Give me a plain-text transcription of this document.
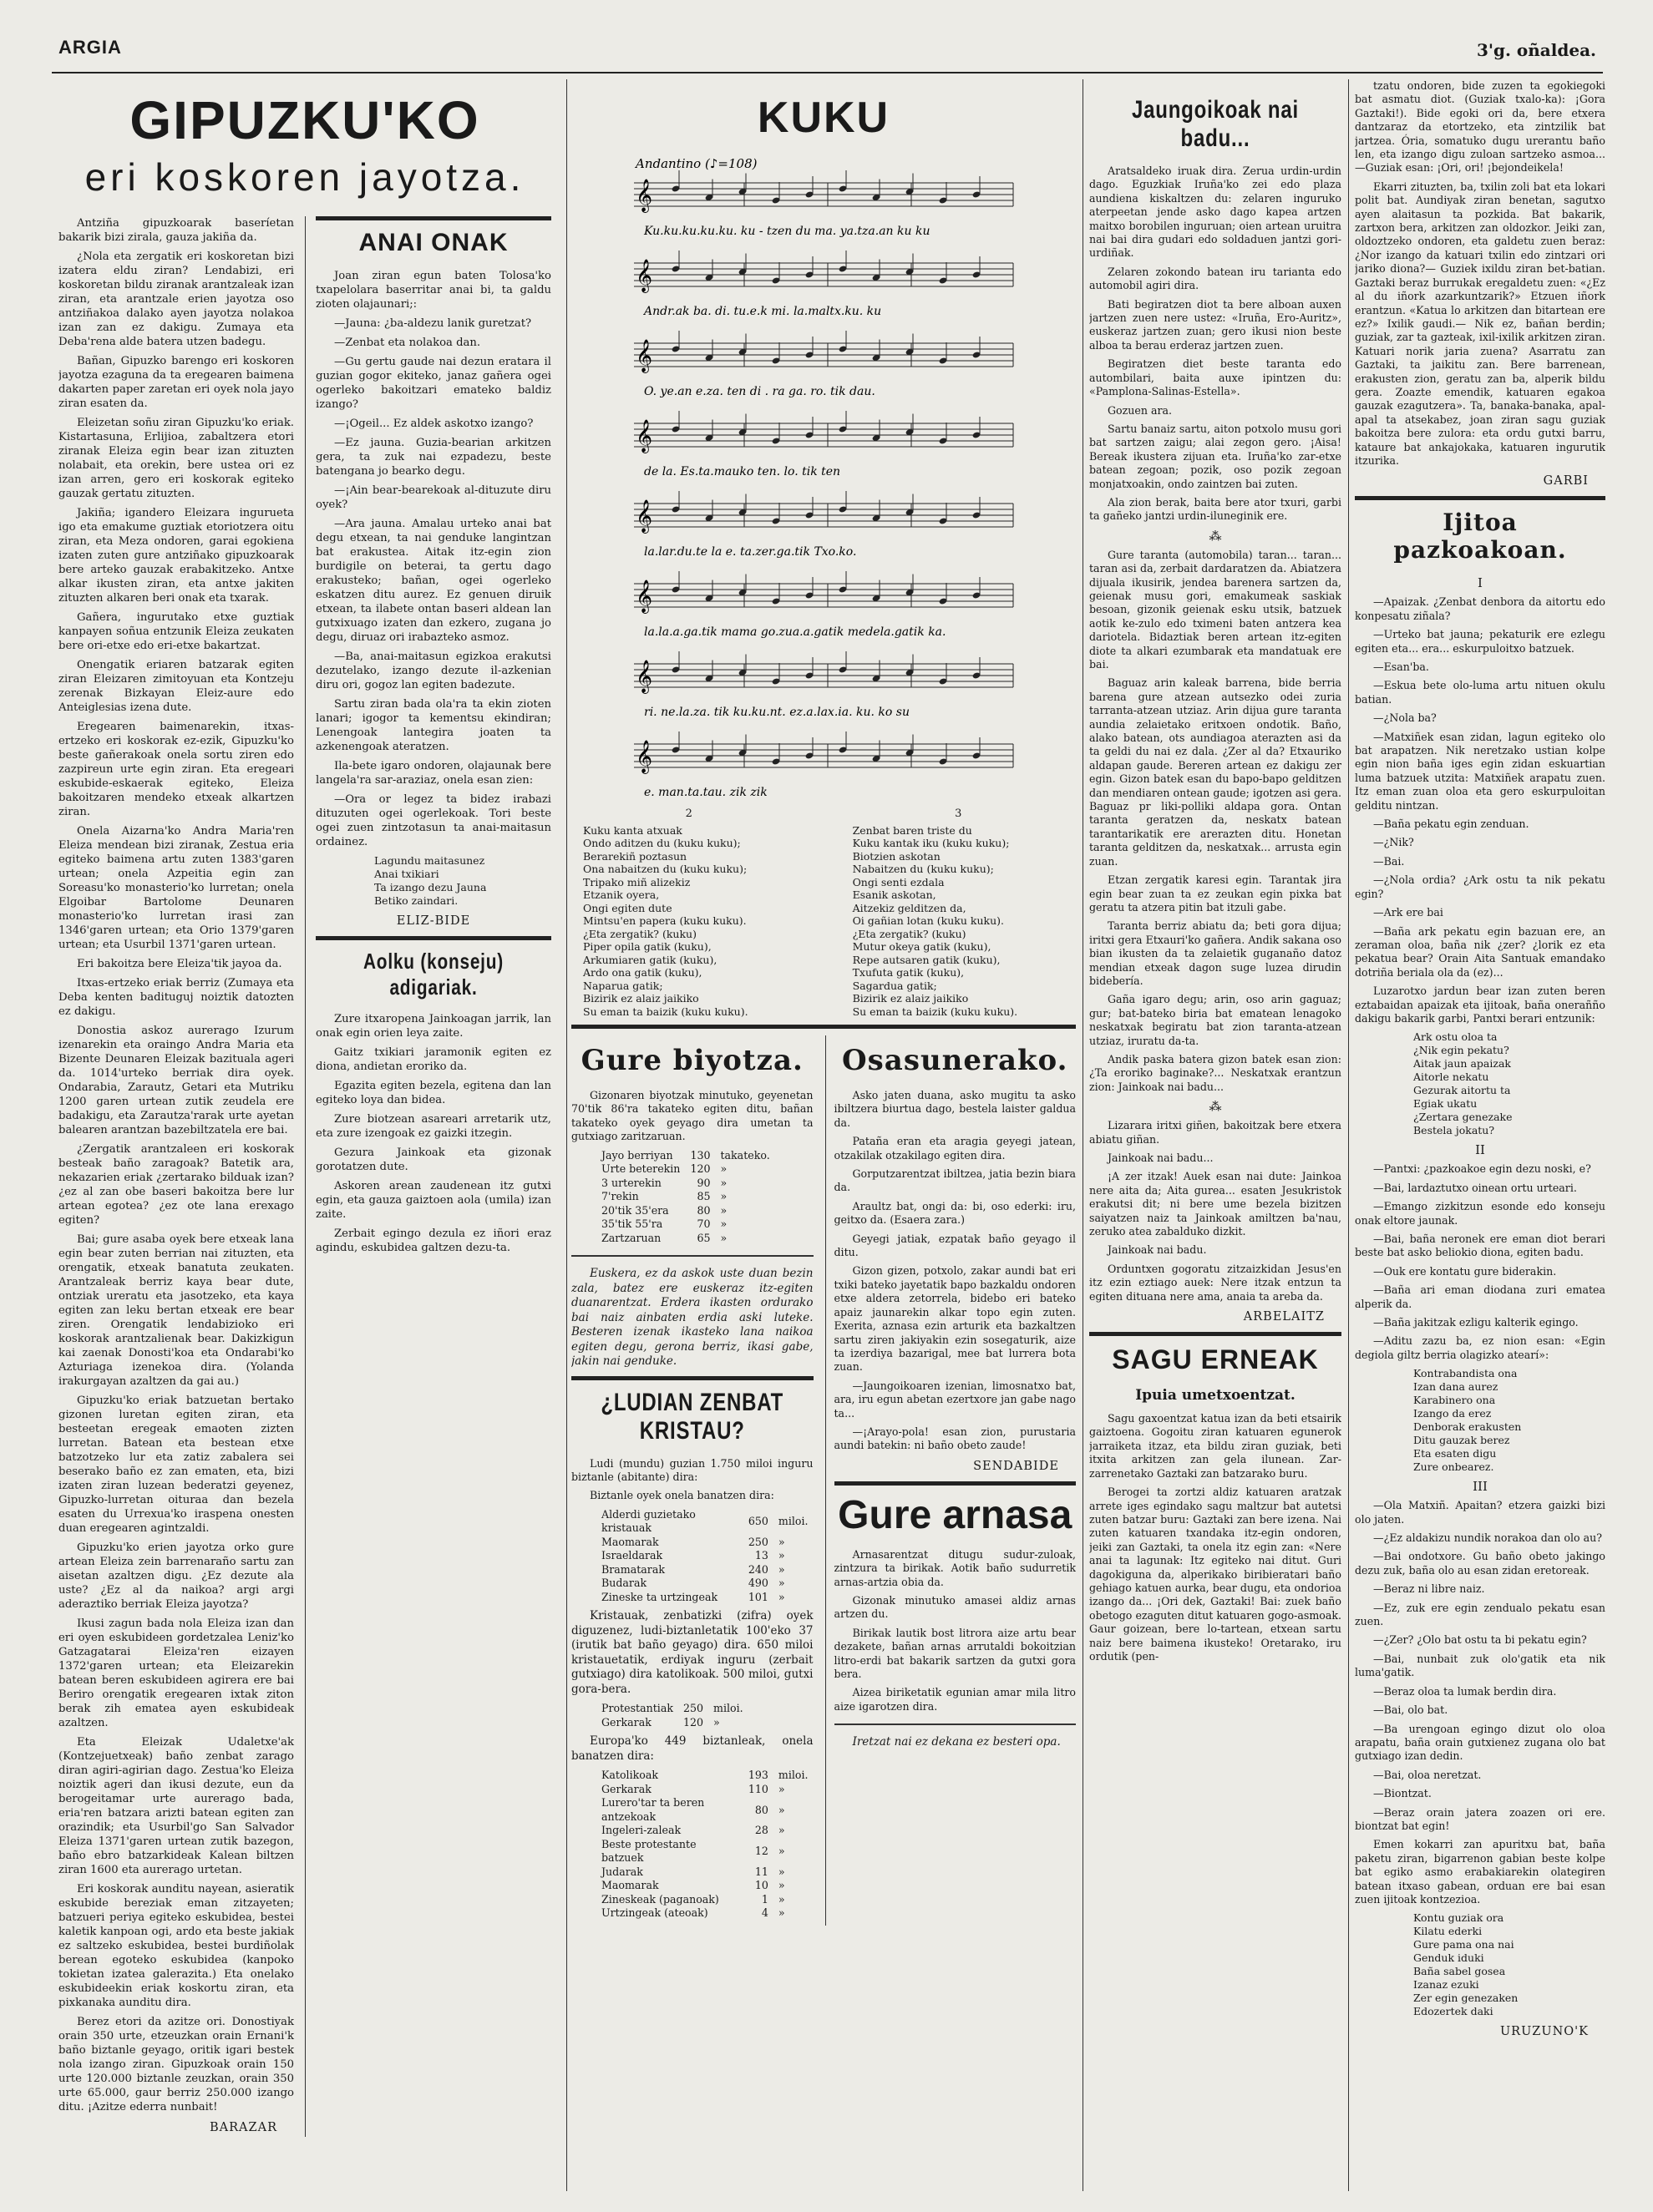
ARGIA	3'g. oñaldea.
GIPUZKU'KO
eri koskoren jayotza.

Antziña gipuzkoarak baseríetan bakarik bizi zirala, gauza jakiña da.

¿Nola eta zergatik eri koskoretan bizi izatera eldu ziran? Lendabizi, eri koskoretan bildu ziranak arantzaleak izan ziran, eta arantzale erien jayotza oso antziñakoa dalako ayen jayotza nolakoa izan zan ez dakigu. Zumaya eta Deba'rena alde batera utzen badegu.

Bañan, Gipuzko barengo eri koskoren jayotza ezaguna da ta eregearen baimena dakarten paper zaretan eri oyek nola jayo ziran esaten da.

Eleizetan soñu ziran Gipuzku'ko eriak. Kistartasuna, Erlijioa, zabaltzera etori ziranak Eleiza egin bear izan zituzten nolabait, eta orekin, bere ustea ori ez izan arren, gero eri koskorak egiteko gauzak gertatu zituzten.

Jakiña; igandero Eleizara ingurueta igo eta emakume guztiak etoriotzera oitu ziran, eta Meza ondoren, garai egokiena izaten zuten gure antziñako gipuzkoarak bere arteko gauzak erabakitzeko. Antxe alkar ikusten ziran, eta antxe jakiten zituzten alkaren beri onak eta txarak.

Gañera, ingurutako etxe guztiak kanpayen soñua entzunik Eleiza zeukaten bere ori-etxe edo eri-etxe bakartzat.

Onengatik eriaren batzarak egiten ziran Eleizaren zimitoyuan eta Kontzeju zerenak Bizkayan Eleiz-aure edo Anteiglesias izena dute.

Eregearen baimenarekin, itxas-ertzeko eri koskorak ez-ezik, Gipuzku'ko beste gañerakoak onela sortu ziren edo zazpireun urte egin ziran. Eta eregeari eskubide-eskaerak egiteko, Eleiza bakoitzaren mendeko etxeak alkartzen ziran.

Onela Aizarna'ko Andra Maria'ren Eleiza mendean bizi ziranak, Zestua eria egiteko baimena artu zuten 1383'garen urtean; onela Azpeitia egin zan Soreasu'ko monasterio'ko lurretan; onela Elgoibar Bartolome Deunaren monasterio'ko lurretan irasi zan 1346'garen urtean; eta Orio 1379'garen urtean; eta Usurbil 1371'garen urtean.

Eri bakoitza bere Eleiza'tik jayoa da.

Itxas-ertzeko eriak berriz (Zumaya eta Deba kenten badituguj noiztik datozten ez dakigu.

Donostia askoz aurerago Izurum izenarekin eta oraingo Andra Maria eta Bizente Deunaren Eleizak bazituala ageri da. 1014'urteko berriak dira oyek. Ondarabia, Zarautz, Getari eta Mutriku 1200 garen urtean zutik zeudela ere badakigu, eta Zarautza'rarak urte ayetan balearen arantzan bazebiltzatela ere bai.

¿Zergatik arantzaleen eri koskorak besteak baño zaragoak? Batetik ara, nekazarien eriak ¿zertarako bilduak izan? ¿ez al zan obe baseri bakoitza bere lur artean egotea? ¿ez ote lana erexago egiten?

Bai; gure asaba oyek bere etxeak lana egin bear zuten berrian nai zituzten, eta orengatik, etxeak banatuta zeukaten. Arantzaleak berriz kaya bear dute, ontziak ureratu eta jasotzeko, eta kaya egiten zan leku bertan etxeak ere bear ziren. Orengatik lendabizioko eri koskorak arantzalienak bear. Dakizkigun kai zaenak Donosti'koa eta Ondarabi'ko Azturiaga izenekoa dira. (Yolanda irakurgayan azaltzen da gai au.)

Gipuzku'ko eriak batzuetan bertako gizonen luretan egiten ziran, eta besteetan eregeak emaoten zizten lurretan. Batean eta bestean etxe batzotzeko lur eta zatiz zabalera sei beserako baño ez zan ematen, eta, bizi izaten ziran luzean bederatzi geyenez, Gipuzko-lurretan oituraa dan bezela esaten du Urrexua'ko iraspena onesten duan eregearen agintzaldi.

Gipuzku'ko erien jayotza orko gure artean Eleiza zein barrenaraño sartu zan aisetan azaltzen digu. ¿Ez dezute ala uste? ¿Ez al da naikoa? argi argi aderaztiko berriak Eleiza jayotza?

Ikusi zagun bada nola Eleiza izan dan eri oyen eskubideen gordetzalea Leniz'ko Gatzagatarai Eleiza'ren eizayen 1372'garen urtean; eta Eleizarekin batean beren eskubideen agirera ere bai Beriro orengatik eregearen ixtak ziton berak zih ematea ayen eskubideak azaltzen.

Eta Eleizak Udaletxe'ak (Kontzejuetxeak) baño zenbat zarago diran agiri-agirian dago. Zestua'ko Eleiza noiztik ageri dan ikusi dezute, eun da berogeitamar urte aurerago bada, eria'ren batzara arizti batean egiten zan orazindik; eta Usurbil'go San Salvador Eleiza 1371'garen urtean zutik bazegon, baño ebro batzarkideak Kalean biltzen ziran 1600 eta aurerago urtetan.

Eri koskorak aunditu nayean, asieratik eskubide bereziak eman zitzayeten; batzueri periya egiteko eskubidea, bestei kaletik kanpoan ogi, ardo eta beste jakiak ez saltzeko eskubidea, bestei burdiñolak berean egoteko eskubidea (kanpoko tokietan izatea galerazita.) Eta onelako eskubideekin eriak koskortu ziran, eta pixkanaka aunditu dira.

Berez etori da azitze ori. Donostiyak orain 350 urte, etzeuzkan orain Ernani'k baño biztanle geyago, oritik igari bestek nola izango ziran. Gipuzkoak orain 150 urte 120.000 biztanle zeuzkan, orain 350 urte 65.000, gaur berriz 250.000 izango ditu. ¡Azitze ederra nunbait!

BARAZAR
ANAI ONAK

Joan ziran egun baten Tolosa'ko txapelolara baserritar anai bi, ta galdu zioten olajaunari;:

—Jauna: ¿ba-aldezu lanik guretzat?

—Zenbat eta nolakoa dan.

—Gu gertu gaude nai dezun eratara il guzian gogor ekiteko, janaz gañera ogei ogerleko bakoitzari emateko baldiz izango?

—¡Ogeil... Ez aldek askotxo izango?

—Ez jauna. Guzia-bearian arkitzen gera, ta zuk nai ezpadezu, beste batengana jo bearko degu.

—¡Ain bear-bearekoak al-dituzute diru oyek?

—Ara jauna. Amalau urteko anai bat degu etxean, ta nai genduke langintzan bat erakustea. Aitak itz-egin zion burdigile on beterai, ta gertu dago erakusteko; bañan, ogei ogerleko eskatzen ditu aurez. Ez genuen diruik etxean, ta ilabete ontan baseri aldean lan gutxixuago izaten dan ezkero, zugana jo degu, diruaz ori irabazteko asmoz.

—Ba, anai-maitasun egizkoa erakutsi dezutelako, izango dezute il-azkenian diru ori, gogoz lan egiten badezute.

Sartu ziran bada ola'ra ta ekin zioten lanari; igogor ta kementsu ekindiran; Lenengoak lantegira joaten ta azkenengoak ateratzen.

Ila-bete igaro ondoren, olajaunak bere langela'ra sar-araziaz, onela esan zien:

—Ora or legez ta bidez irabazi dituzuten ogei ogerlekoak. Tori beste ogei zuen zintzotasun ta anai-maitasun ordainez.

Lagundu maitasunez
Anai txikiari
Ta izango dezu Jauna
Betiko zaindari.
ELIZ-BIDE
Aolku (konseju) adigariak.

Zure itxaropena Jainkoagan jarrik, lan onak egin orien leya zaite.

Gaitz txikiari jaramonik egiten ez diona, andietan eroriko da.

Egazita egiten bezela, egitena dan lan egiteko loya dan bidea.

Zure biotzean asareari arretarik utz, eta zure izengoak ez gaizki itzegin.

Gezura Jainkoak eta gizonak gorotatzen dute.

Askoren arean zaudenean itz gutxi egin, eta gauza gaiztoen aola (umila) izan zaite.

Zerbait egingo dezula ez iñori eraz agindu, eskubidea galtzen dezu-ta.

KUKU
Andantino (♪=108)
𝄞
Ku.ku.ku.ku.ku. ku - tzen du ma. ya.tza.an ku ku
𝄞
Andr.ak ba. di. tu.e.k mi. la.maltx.ku. ku
𝄞
O. ye.an e.za. ten di . ra ga. ro. tik dau.
𝄞
de la. Es.ta.mauko ten. lo. tik ten
𝄞
la.lar.du.te la e. ta.zer.ga.tik Txo.ko.
𝄞
la.la.a.ga.tik mama go.zua.a.gatik medela.gatik ka.
𝄞
ri. ne.la.za. tik ku.ku.nt. ez.a.lax.ia. ku. ko su
𝄞
e. man.ta.tau. zik zik
2
Kuku kanta atxuak
Ondo aditzen du (kuku kuku);
Berarekiñ poztasun
Ona nabaitzen du (kuku kuku);
Tripako miñ alizekiz
Etzanik oyera,
Ongi egiten dute
Mintsu'en papera (kuku kuku).
¿Eta zergatik? (kuku)
Piper opila gatik (kuku),
Arkumiaren gatik (kuku),
Ardo ona gatik (kuku),
Naparua gatik;
Bizirik ez alaiz jaikiko
Su eman ta baizik (kuku kuku).
3
Zenbat baren triste du
Kuku kantak iku (kuku kuku);
Biotzien askotan
Nabaitzen du (kuku kuku);
Ongi senti ezdala
Esanik askotan,
Aitzekiz gelditzen da,
Oi gañian lotan (kuku kuku).
¿Eta zergatik? (kuku)
Mutur okeya gatik (kuku),
Repe autsaren gatik (kuku),
Txufuta gatik (kuku),
Sagardua gatik;
Bizirik ez alaiz jaikiko
Su eman ta baizik (kuku kuku).
Gure biyotza.

Gizonaren biyotzak minutuko, geyenetan 70'tik 86'ra takateko egiten ditu, bañan takateko oyek geyago dira umetan ta gutxiago zaritzaruan.

Jayo berriyan	130	takateko.
Urte beterekin	120	»
3 urterekin	90	»
7'rekin	85	»
20'tik 35'era	80	»
35'tik 55'ra	70	»
Zartzaruan	65	»

Euskera, ez da askok uste duan bezin zala, batez ere euskeraz itz-egiten duanarentzat. Erdera ikasten ordurako bai naiz ainbaten erdia aski luteke. Besteren izenak ikasteko lana naikoa egiten degu, gerona berriz, ikasi gabe, jakin nai genduke.

¿LUDIAN ZENBAT KRISTAU?

Ludi (mundu) guzian 1.750 miloi inguru biztanle (abitante) dira:

Biztanle oyek onela banatzen dira:

Alderdi guzietako kristauak	650	miloi.
Maomarak	250	»
Israeldarak	13	»
Bramatarak	240	»
Budarak	490	»
Zineske ta urtzingeak	101	»

Kristauak, zenbatizki (zifra) oyek diguzenez, ludi-biztanletatik 100'eko 37 (irutik bat baño geyago) dira. 650 miloi kristauetatik, erdiyak inguru (zerbait gutxiago) dira katolikoak. 500 miloi, gutxi gora-bera.

Protestantiak	250	miloi.
Gerkarak	120	»

Europa'ko 449 biztanleak, onela banatzen dira:

Katolikoak	193	miloi.
Gerkarak	110	»
Lurero'tar ta beren antzekoak	80	»
Ingeleri-zaleak	28	»
Beste protestante batzuek	12	»
Judarak	11	»
Maomarak	10	»
Zineskeak (paganoak)	1	»
Urtzingeak (ateoak)	4	»
Osasunerako.

Asko jaten duana, asko mugitu ta asko ibiltzera biurtua dago, bestela laister galdua da.

Pataña eran eta aragia geyegi jatean, otzakilak otzakilago egiten dira.

Gorputzarentzat ibiltzea, jatia bezin biara da.

Araultz bat, ongi da: bi, oso ederki: iru, geitxo da. (Esaera zara.)

Geyegi jatiak, ezpatak baño geyago il ditu.

Gizon gizen, potxolo, zakar aundi bat eri txiki bateko jayetatik bapo bazkaldu ondoren etxe aldera zetorrela, bidebo eri bateko apaiz jaunarekin alkar topo egin zuten. Exerita, aznasa ezin arturik eta bazkaltzen sartu ziren jakiyakin ezin sosegaturik, aize ta izerdiya bazarigal, mee bat lurrera bota zuan.

—Jaungoikoaren izenian, limosnatxo bat, ara, iru egun abetan ezertxore jan gabe nago ta...

—¡Arayo-pola! esan zion, purustaria aundi batekin: ni baño obeto zaude!

SENDABIDE
Gure arnasa

Arnasarentzat ditugu sudur-zuloak, zintzura ta birikak. Aotik baño sudurretik arnas-artzia obia da.

Gizonak minutuko amasei aldiz arnas artzen du.

Birikak lautik bost litrora aize artu bear dezakete, bañan arnas arrutaldi bokoitzian litro-erdi bat bakarik sartzen da gutxi gora bera.

Aizea biriketatik egunian amar mila litro aize igarotzen dira.

Iretzat nai ez dekana ez besteri opa.

Jaungoikoak nai badu...

Aratsaldeko iruak dira. Zerua urdin-urdin dago. Eguzkiak Iruña'ko zei edo plaza aundiena kiskaltzen du: zelaren inguruko aterpeetan jende asko dago kapea artzen maitxo borobilen inguruan; oien artean uruitra nai bai dira gudari edo soldaduen jantzi gori-urdiñak.

Zelaren zokondo batean iru tarianta edo automobil agiri dira.

Bati begiratzen diot ta bere alboan auxen jartzen zuen nere ustez: «Iruña, Ero-Auritz», euskeraz jartzen zuan; gero ikusi nion beste alboa ta berau erderaz jartzen zuen.

Begiratzen diet beste taranta edo autombilari, baita auxe ipintzen du: «Pamplona-Salinas-Estella».

Gozuen ara.

Sartu banaiz sartu, aiton potxolo musu gori bat sartzen zaigu; alai zegon gero. ¡Aisa! Bereak ikustera zijuan eta. Iruña'ko zar-etxe batean zegoan; pozik, oso pozik zegoan monjatxoakin, ondo zaintzen bai zuten.

Ala zion berak, baita bere ator txuri, garbi ta gañeko jantzi urdin-iluneginik ere.

⁂

Gure taranta (automobila) taran... taran... taran asi da, zerbait dardaratzen da. Abiatzera dijuala ikusirik, jendea barenera sartzen da, geienak musu gori, emakumeak saskiak besoan, gizonik geienak esku utsik, batzuek aotik ke-zulo edo tximeni baten antzera kea dariotela. Bidaztiak beren artean itz-egiten diote ta alkari ezumbarak eta mandatuak ere bai.

Baguaz arin kaleak barrena, bide berria barena gure atzean autsezko odei zuria tarranta-atzean utziaz. Arin dijua gure taranta aundia zelaietako eritxoen ondotik. Baño, alako batean, ots aundiagoa aterazten asi da ta geldi du nai ez dala. ¿Zer al da? Etxauriko aldapan gaude. Bereren artean ez dakigu zer egin. Gizon batek esan du bapo-bapo gelditzen dan mendiaren ontean gaude; igotzen asi gera. Baguaz pr liki-polliki aldapa gora. Ontan taranta geratzen da, neskatx batean tarantarikatik ere arerazten ditu. Honetan taranta gelditzen da, neskatxak... arrusta egin zuan.

Etzan zergatik karesi egin. Tarantak jira egin bear zuan ta ez zeukan egin pixka bat geratu ta atzera pitin bat itzuli gabe.

Taranta berriz abiatu da; beti gora dijua; iritxi gera Etxauri'ko gañera. Andik sakana oso bian ikusten da ta zelaietik guganaño datoz mendian etxeak dagon suge luzea dirudin bidebería.

Gaña igaro degu; arin, oso arin gaguaz; gur; bat-bateko biria bat ematean lenagoko neskatxak begiratu bat zion taranta-atzean utziaz, iruratu da-ta.

Andik paska batera gizon batek esan zion: ¿Ta eroriko baginake?... Neskatxak erantzun zion: Jainkoak nai badu...

⁂

Lizarara iritxi giñen, bakoitzak bere etxera abiatu giñan.

Jainkoak nai badu...

¡A zer itzak! Auek esan nai dute: Jainkoa nere aita da; Aita gurea... esaten Jesukristok erakutsi dit; ni bere ume bezela bizitzen saiyatzen naiz ta Jainkoak amiltzen ba'nau, zeruko atea zabalduko dizkit.

Jainkoak nai badu.

Orduntxen gogoratu zitzaizkidan Jesus'en itz ezin eztiago auek: Nere itzak entzun ta egiten dituana nere ama, anaia ta areba da.

ARBELAITZ
SAGU ERNEAK
Ipuia umetxoentzat.

Sagu gaxoentzat katua izan da beti etsairik gaiztoena. Gogoitu ziran katuaren egunerok jarraiketa itzaz, eta bildu ziran guziak, beti itxita arkitzen zan gela ilunean. Zar-zarrenetako Gaztaki zan batzarako buru.

Berogei ta zortzi aldiz katuaren aratzak arrete iges egindako sagu maltzur bat autetsi zuten batzar buru: Gaztaki zan bere izena. Nai zuten katuaren txandaka itz-egin ondoren, jeiki zan Gaztaki, ta onela itz egin zan: «Nere anai ta lagunak: Itz egiteko nai ditut. Guri dagokiguna da, alperikako biribieratari baño gehiago katuen aurka, bear dugu, eta ondorioa izango da... ¡Ori dek, Gaztaki! Bai: zuek baño obetogo ezaguten ditut katuaren gogo-asmoak. Gaur goizean, bere lo-tartean, etxean sartu naiz bere baimena ikusteko! Oretarako, iru ordutik (pen-

tzatu ondoren, bide zuzen ta egokiegoki bat asmatu diot. (Guziak txalo-ka): ¡Gora Gaztaki!). Bide egoki ori da, bere etxera dantzaraz da etortzeko, eta zintzilik bat jartzea. Ória, somatuko dugu urerantu baño len, eta izango digu zuloan sartzeko asmoa... —Guziak esan: ¡Ori, ori! ¡bejondeikela!

Ekarri zituzten, ba, txilin zoli bat eta lokari polit bat. Aundiyak ziran benetan, sagutxo ayen alaitasun ta pozkida. Bat bakarik, zartxon bera, arkitzen zan oldozkor. Jeiki zan, oldoztzeko ondoren, eta galdetu zuen beraz: ¿Nor izango da katuari txilin edo zintzari ori jariko diona?— Guziek ixildu ziran bet-batian. Gaztaki beraz burrukak eregaldetu zuen: «¿Ez al du iñork azarkuntzarik?» Etzuen iñork erantzun. «Katua lo arkitzen dan bitartean ere ez?» Ixilik gaudi.— Nik ez, bañan berdin; guziak, zar ta gazteak, ixil-ixilik arkitzen ziran. Katuari norik jaria zuena? Asarratu zan Gaztaki, ta jaikitu zan. Bere barrenean, erakusten zion, geratu zan ba, alperik bildu gera. Zoazte emendik, katuaren egakoa gauzak ezagutzera». Ta, banaka-banaka, apal-apal ta atsekabez, joan ziran sagu guziak bakoitza bere zulora: eta ordu gutxi barru, kataure bat ankajokaka, katuaren ingurutik itzurika.

GARBI
Ijitoa pazkoakoan.
I

—Apaizak. ¿Zenbat denbora da aitortu edo konpesatu ziñala?

—Urteko bat jauna; pekaturik ere ezlegu egiten eta... era... eskurpuloitxo batzuek.

—Esan'ba.

—Eskua bete olo-luma artu nituen okulu batian.

—¿Nola ba?

—Matxiñek esan zidan, lagun egiteko olo bat arapatzen. Nik neretzako ustian kolpe egin nion baña iges egin zidan eskuartian luma batzuek utzita: Matxiñek arapatu zuen. Itz eman zuan oloa eta gero eskurpuloitan gelditu nintzan.

—Baña pekatu egin zenduan.

—¿Nik?

—Bai.

—¿Nola ordia? ¿Ark ostu ta nik pekatu egin?

—Ark ere bai

—Baña ark pekatu egin bazuan ere, an zeraman oloa, baña nik ¿zer? ¿lorik ez eta pekatua bear? Orain Aita Santuak emandako dotriña beriala ola da (ez)...

Luzarotxo jardun bear izan zuten beren eztabaidan apaizak eta ijitoak, baña onerañño dakigu bakarik garbi, Pantxi berari entzunik:

Ark ostu oloa ta
¿Nik egin pekatu?
Aitak jaun apaizak
Aitorle nekatu
Gezurak aitortu ta
Egiak ukatu
¿Zertara genezake
Bestela jokatu?
II

—Pantxi: ¿pazkoakoe egin dezu noski, e?

—Bai, lardaztutxo oinean ortu urteari.

—Emango zizkitzun esonde edo konseju onak eltore jaunak.

—Bai, baña neronek ere eman diot berari beste bat asko beliokio diona, egiten badu.

—Ouk ere kontatu gure biderakin.

—Baña ari eman diodana zuri ematea alperik da.

—Baña jakitzak ezligu kalterik egingo.

—Aditu zazu ba, ez nion esan: «Egin degiola giltz berria olagizko atearí»:

Kontrabandista ona
Izan dana aurez
Karabinero ona
Izango da erez
Denborak erakusten
Ditu gauzak berez
Eta esaten digu
Zure onbearez.
III

—Ola Matxiñ. Apaitan? etzera gaizki bizi olo jaten.

—¿Ez aldakizu nundik norakoa dan olo au?

—Bai ondotxore. Gu baño obeto jakingo dezu zuk, baña olo au esan zidan eretoreak.

—Beraz ni libre naiz.

—Ez, zuk ere egin zendualo pekatu esan zuen.

—¿Zer? ¿Olo bat ostu ta bi pekatu egin?

—Bai, nunbait zuk olo'gatik eta nik luma'gatik.

—Beraz oloa ta lumak berdin dira.

—Bai, olo bat.

—Ba urengoan egingo dizut olo oloa arapatu, baña orain gutxienez zugana olo bat gutxiago izan dedin.

—Bai, oloa neretzat.

—Biontzat.

—Beraz orain jatera zoazen ori ere. biontzat bat egin!

Emen kokarri zan apuritxu bat, baña paketu ziran, bigarrenon gabian beste kolpe bat egiko asmo erabakiarekin olategiren batean itxaso gabean, orduan ere bai esan zuen ijitoak kontzezioa.

Kontu guziak ora
Kilatu ederki
Gure pama ona nai
Genduk iduki
Baña sabel gosea
Izanaz ezuki
Zer egin genezaken
Edozertek daki
URUZUNO'K
